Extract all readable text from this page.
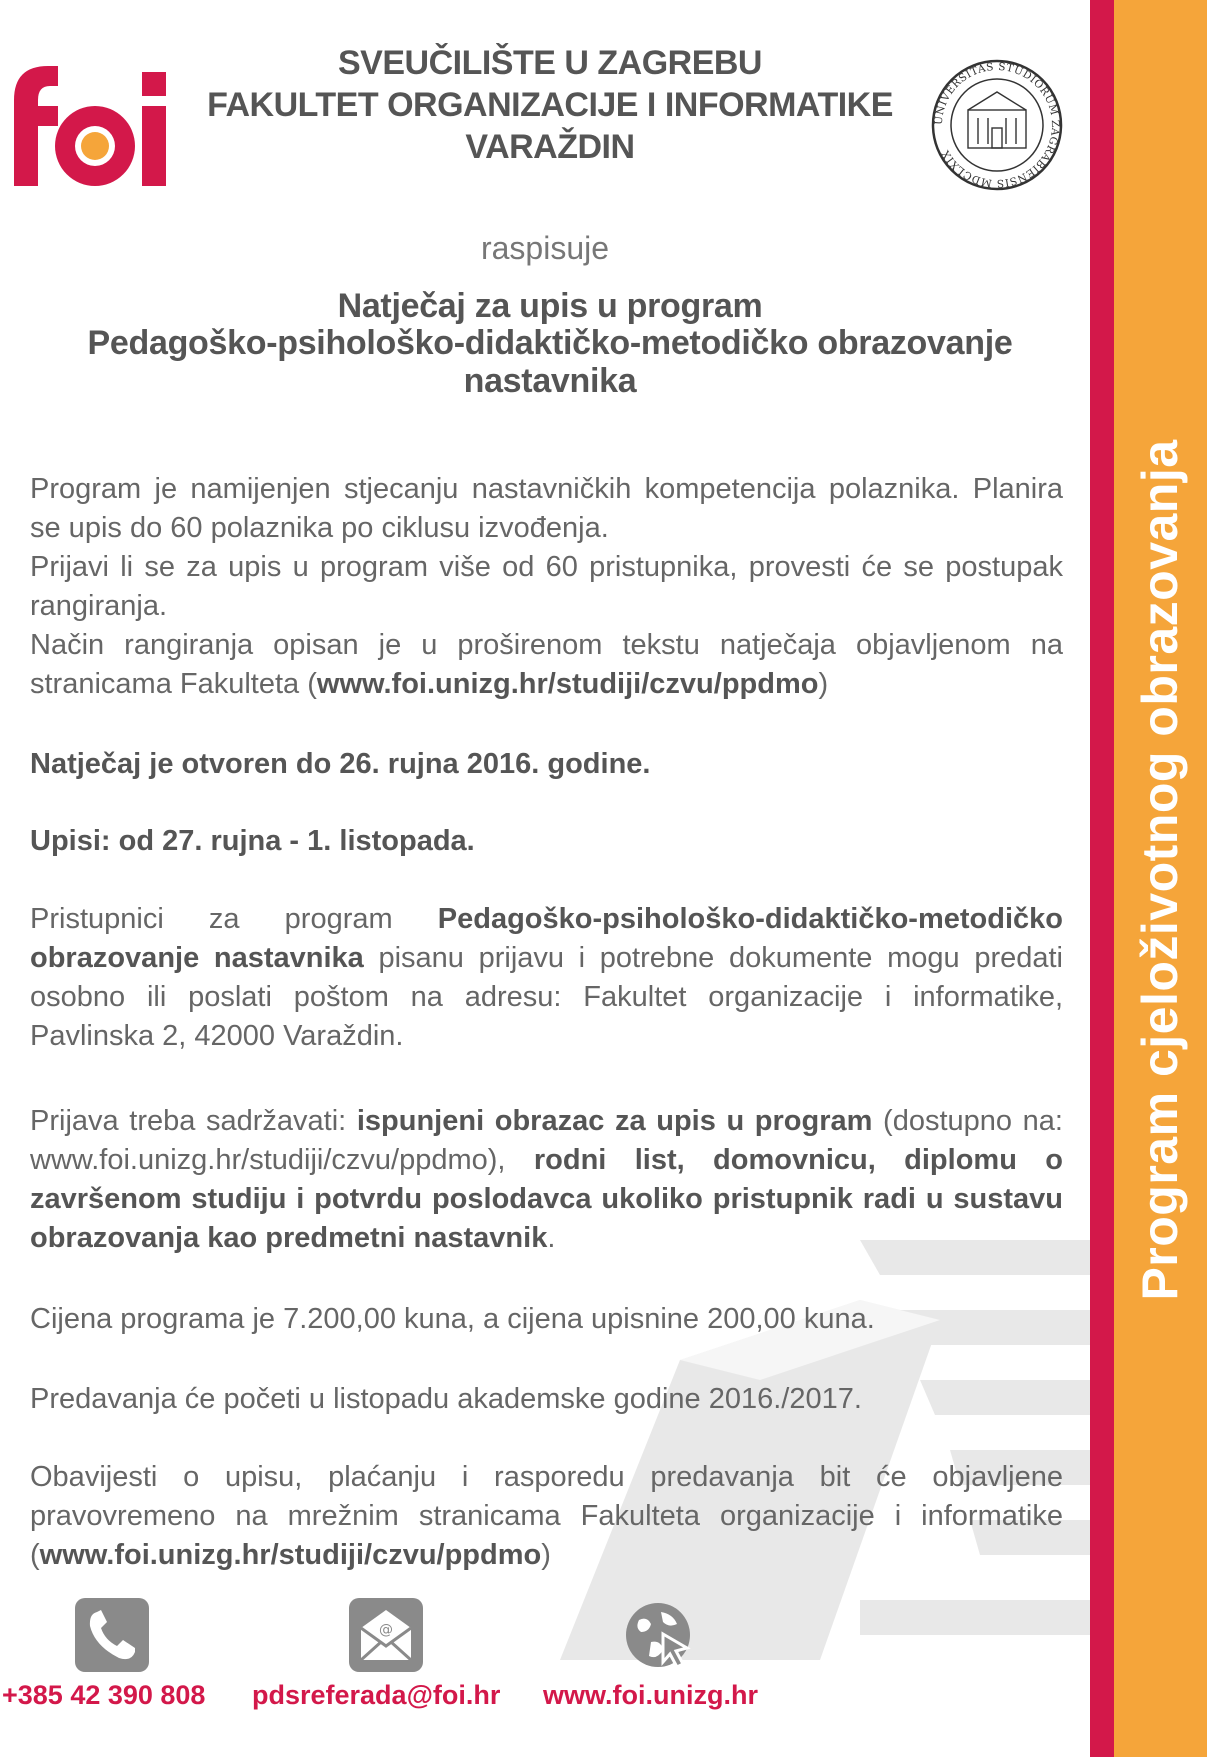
Program cjeloživotnog obrazovanja
SVEUČILIŠTE U ZAGREBU
FAKULTET ORGANIZACIJE I INFORMATIKE
VARAŽDIN
UNIVERSITAS STUDIORUM ZAGRABIENSIS MDCLXIX
raspisuje
Natječaj za upis u program
Pedagoško-psihološko-didaktičko-metodičko obrazovanje
nastavnika
Program je namijenjen stjecanju nastavničkih kompetencija polaznika. Planira se upis do 60 polaznika po ciklusu izvođenja.
Prijavi li se za upis u program više od 60 pristupnika, provesti će se postupak rangiranja.
Način rangiranja opisan je u proširenom tekstu natječaja objavljenom na stranicama Fakulteta (www.foi.unizg.hr/studiji/czvu/ppdmo)
Natječaj je otvoren do 26. rujna 2016. godine.
Upisi: od 27. rujna - 1. listopada.
Pristupnici za program Pedagoško-psihološko-didaktičko-metodičko obrazovanje nastavnika pisanu prijavu i potrebne dokumente mogu predati osobno ili poslati poštom na adresu: Fakultet organizacije i informatike, Pavlinska 2, 42000 Varaždin.
Prijava treba sadržavati: ispunjeni obrazac za upis u program (dostupno na: www.foi.unizg.hr/studiji/czvu/ppdmo), rodni list, domovnicu, diplomu o završenom studiju i potvrdu poslodavca ukoliko pristupnik radi u sustavu obrazovanja kao predmetni nastavnik.
Cijena programa je 7.200,00 kuna, a cijena upisnine 200,00 kuna.
Predavanja će početi u listopadu akademske godine 2016./2017.
Obavijesti o upisu, plaćanju i rasporedu predavanja bit će objavljene pravovremeno na mrežnim stranicama Fakulteta organizacije i informatike (www.foi.unizg.hr/studiji/czvu/ppdmo)
@
+385 42 390 808 pdsreferada@foi.hr www.foi.unizg.hr
